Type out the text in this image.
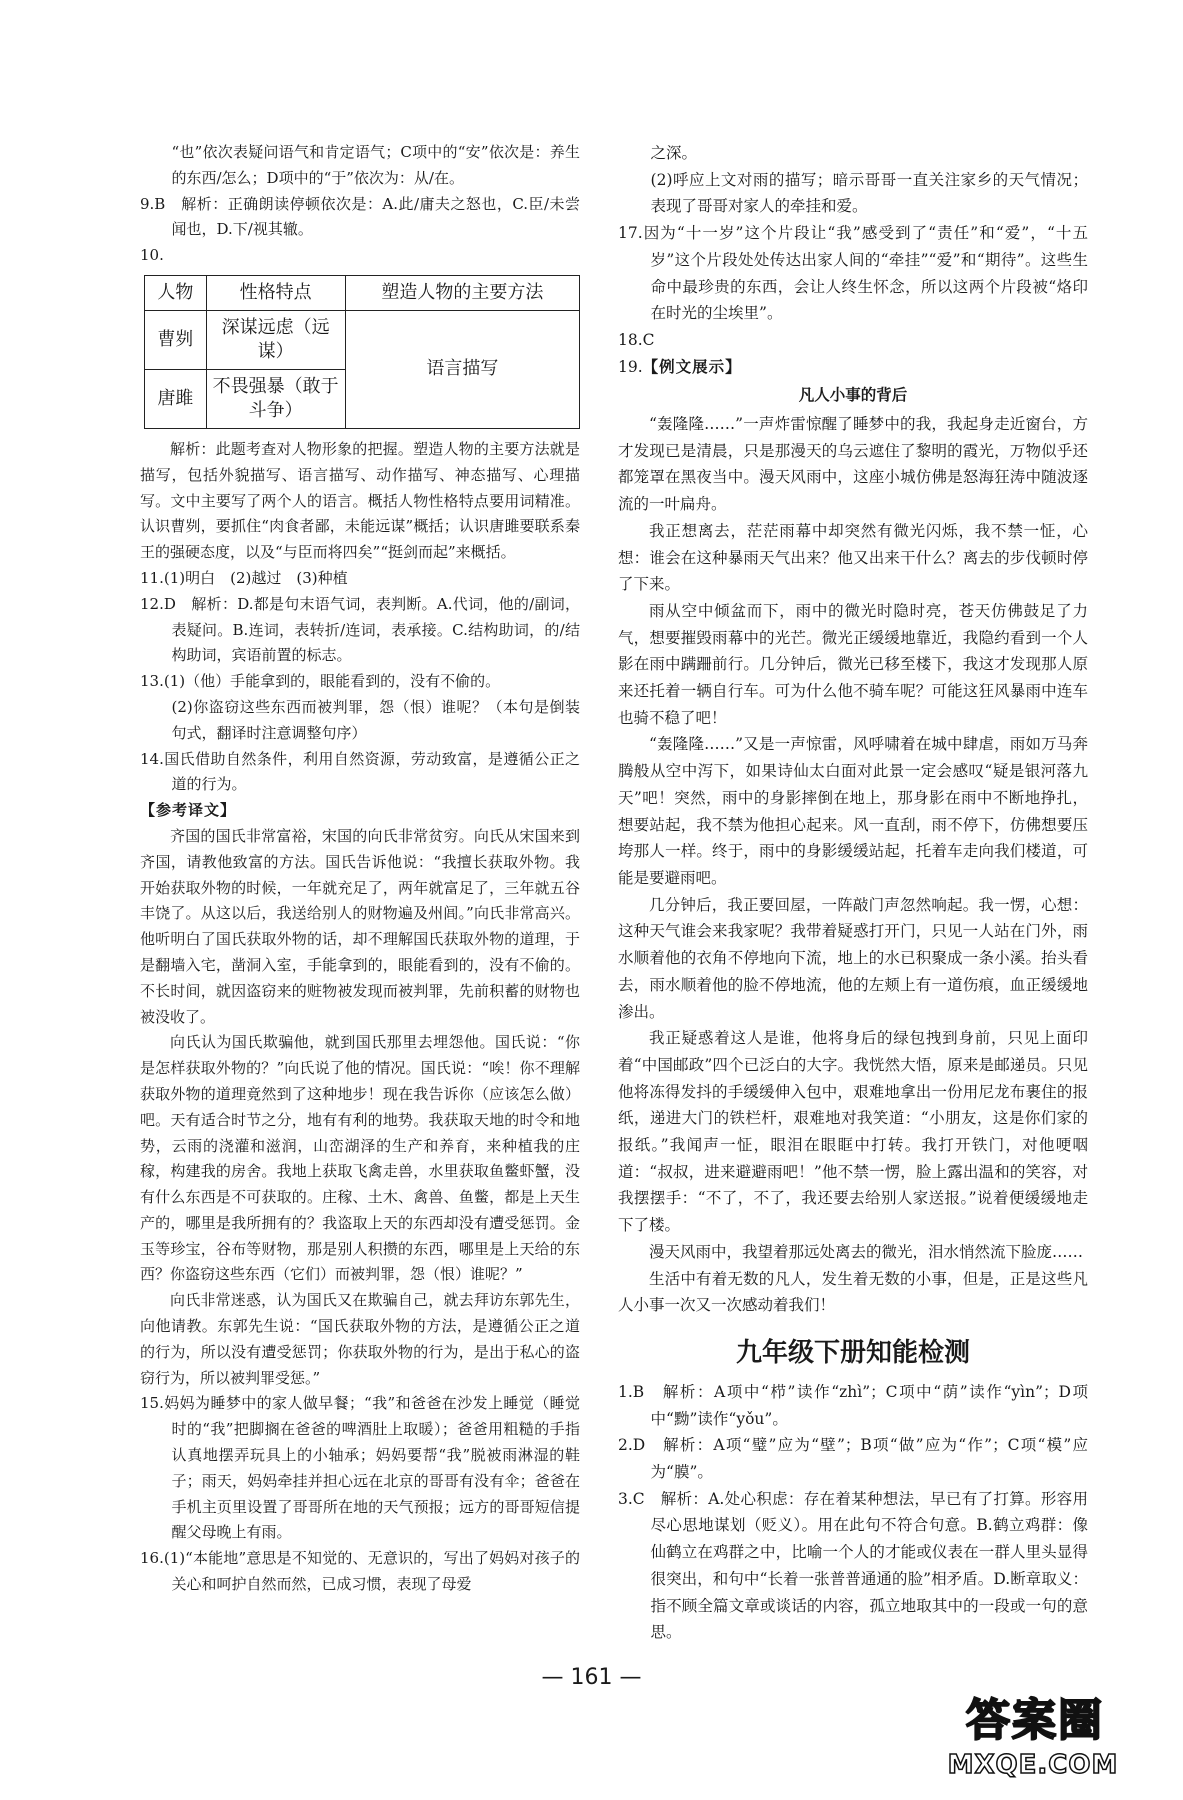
“也”依次表疑问语气和肯定语气；C项中的“安”依次是：养生的东西/怎么；D项中的“于”依次为：从/在。

9.B　解析：正确朗读停顿依次是：A.此/庸夫之怒也，C.臣/未尝闻也，D.下/视其辙。

10.

人物	性格特点	塑造人物的主要方法
曹刿	深谋远虑（远谋）	语言描写
唐雎	不畏强暴（敢于斗争）	

解析：此题考查对人物形象的把握。塑造人物的主要方法就是描写，包括外貌描写、语言描写、动作描写、神态描写、心理描写。文中主要写了两个人的语言。概括人物性格特点要用词精准。认识曹刿，要抓住“肉食者鄙，未能远谋”概括；认识唐雎要联系秦王的强硬态度，以及“与臣而将四矣”“挺剑而起”来概括。

11.(1)明白　(2)越过　(3)种植

12.D　解析：D.都是句末语气词，表判断。A.代词，他的/副词，表疑问。B.连词，表转折/连词，表承接。C.结构助词，的/结构助词，宾语前置的标志。

13.(1)（他）手能拿到的，眼能看到的，没有不偷的。

(2)你盗窃这些东西而被判罪，怨（恨）谁呢？（本句是倒装句式，翻译时注意调整句序）

14.国氏借助自然条件，利用自然资源，劳动致富，是遵循公正之道的行为。

【参考译文】

齐国的国氏非常富裕，宋国的向氏非常贫穷。向氏从宋国来到齐国，请教他致富的方法。国氏告诉他说：“我擅长获取外物。我开始获取外物的时候，一年就充足了，两年就富足了，三年就五谷丰饶了。从这以后，我送给别人的财物遍及州闾。”向氏非常高兴。他听明白了国氏获取外物的话，却不理解国氏获取外物的道理，于是翻墙入宅，凿洞入室，手能拿到的，眼能看到的，没有不偷的。不长时间，就因盗窃来的赃物被发现而被判罪，先前积蓄的财物也被没收了。

向氏认为国氏欺骗他，就到国氏那里去埋怨他。国氏说：“你是怎样获取外物的？”向氏说了他的情况。国氏说：“唉！你不理解获取外物的道理竟然到了这种地步！现在我告诉你（应该怎么做）吧。天有适合时节之分，地有有利的地势。我获取天地的时令和地势，云雨的浇灌和滋润，山峦湖泽的生产和养育，来种植我的庄稼，构建我的房舍。我地上获取飞禽走兽，水里获取鱼鳖虾蟹，没有什么东西是不可获取的。庄稼、土木、禽兽、鱼鳖，都是上天生产的，哪里是我所拥有的？我盗取上天的东西却没有遭受惩罚。金玉等珍宝，谷布等财物，那是别人积攒的东西，哪里是上天给的东西？你盗窃这些东西（它们）而被判罪，怨（恨）谁呢？”

向氏非常迷惑，认为国氏又在欺骗自己，就去拜访东郭先生，向他请教。东郭先生说：“国氏获取外物的方法，是遵循公正之道的行为，所以没有遭受惩罚；你获取外物的行为，是出于私心的盗窃行为，所以被判罪受惩。”

15.妈妈为睡梦中的家人做早餐；“我”和爸爸在沙发上睡觉（睡觉时的“我”把脚搁在爸爸的啤酒肚上取暖）；爸爸用粗糙的手指认真地摆弄玩具上的小轴承；妈妈要帮“我”脱被雨淋湿的鞋子；雨天，妈妈牵挂并担心远在北京的哥哥有没有伞；爸爸在手机主页里设置了哥哥所在地的天气预报；远方的哥哥短信提醒父母晚上有雨。

16.(1)“本能地”意思是不知觉的、无意识的，写出了妈妈对孩子的关心和呵护自然而然，已成习惯，表现了母爱

之深。

(2)呼应上文对雨的描写；暗示哥哥一直关注家乡的天气情况；表现了哥哥对家人的牵挂和爱。

17.因为“十一岁”这个片段让“我”感受到了“责任”和“爱”，“十五岁”这个片段处处传达出家人间的“牵挂”“爱”和“期待”。这些生命中最珍贵的东西，会让人终生怀念，所以这两个片段被“烙印在时光的尘埃里”。

18.C

19.【例文展示】

凡人小事的背后

“轰隆隆……”一声炸雷惊醒了睡梦中的我，我起身走近窗台，方才发现已是清晨，只是那漫天的乌云遮住了黎明的霞光，万物似乎还都笼罩在黑夜当中。漫天风雨中，这座小城仿佛是怒海狂涛中随波逐流的一叶扁舟。

我正想离去，茫茫雨幕中却突然有微光闪烁，我不禁一怔，心想：谁会在这种暴雨天气出来？他又出来干什么？离去的步伐顿时停了下来。

雨从空中倾盆而下，雨中的微光时隐时亮，苍天仿佛鼓足了力气，想要摧毁雨幕中的光芒。微光正缓缓地靠近，我隐约看到一个人影在雨中蹒跚前行。几分钟后，微光已移至楼下，我这才发现那人原来还托着一辆自行车。可为什么他不骑车呢？可能这狂风暴雨中连车也骑不稳了吧！

“轰隆隆……”又是一声惊雷，风呼啸着在城中肆虐，雨如万马奔腾般从空中泻下，如果诗仙太白面对此景一定会感叹“疑是银河落九天”吧！突然，雨中的身影摔倒在地上，那身影在雨中不断地挣扎，想要站起，我不禁为他担心起来。风一直刮，雨不停下，仿佛想要压垮那人一样。终于，雨中的身影缓缓站起，托着车走向我们楼道，可能是要避雨吧。

几分钟后，我正要回屋，一阵敲门声忽然响起。我一愣，心想：这种天气谁会来我家呢？我带着疑惑打开门，只见一人站在门外，雨水顺着他的衣角不停地向下流，地上的水已积聚成一条小溪。抬头看去，雨水顺着他的脸不停地流，他的左颊上有一道伤痕，血正缓缓地渗出。

我正疑惑着这人是谁，他将身后的绿包拽到身前，只见上面印着“中国邮政”四个已泛白的大字。我恍然大悟，原来是邮递员。只见他将冻得发抖的手缓缓伸入包中，艰难地拿出一份用尼龙布裹住的报纸，递进大门的铁栏杆，艰难地对我笑道：“小朋友，这是你们家的报纸。”我闻声一怔，眼泪在眼眶中打转。我打开铁门，对他哽咽道：“叔叔，进来避避雨吧！”他不禁一愣，脸上露出温和的笑容，对我摆摆手：“不了，不了，我还要去给别人家送报。”说着便缓缓地走下了楼。

漫天风雨中，我望着那远处离去的微光，泪水悄然流下脸庞……

生活中有着无数的凡人，发生着无数的小事，但是，正是这些凡人小事一次又一次感动着我们！

九年级下册知能检测

1.B　解析：A项中“栉”读作“zhì”；C项中“荫”读作“yìn”；D项中“黝”读作“yǒu”。

2.D　解析：A项“璧”应为“壁”；B项“做”应为“作”；C项“模”应为“膜”。

3.C　解析：A.处心积虑：存在着某种想法，早已有了打算。形容用尽心思地谋划（贬义）。用在此句不符合句意。B.鹤立鸡群：像仙鹤立在鸡群之中，比喻一个人的才能或仪表在一群人里头显得很突出，和句中“长着一张普普通通的脸”相矛盾。D.断章取义：指不顾全篇文章或谈话的内容，孤立地取其中的一段或一句的意思。

— 161 —
答案圈
MXQE.COM
